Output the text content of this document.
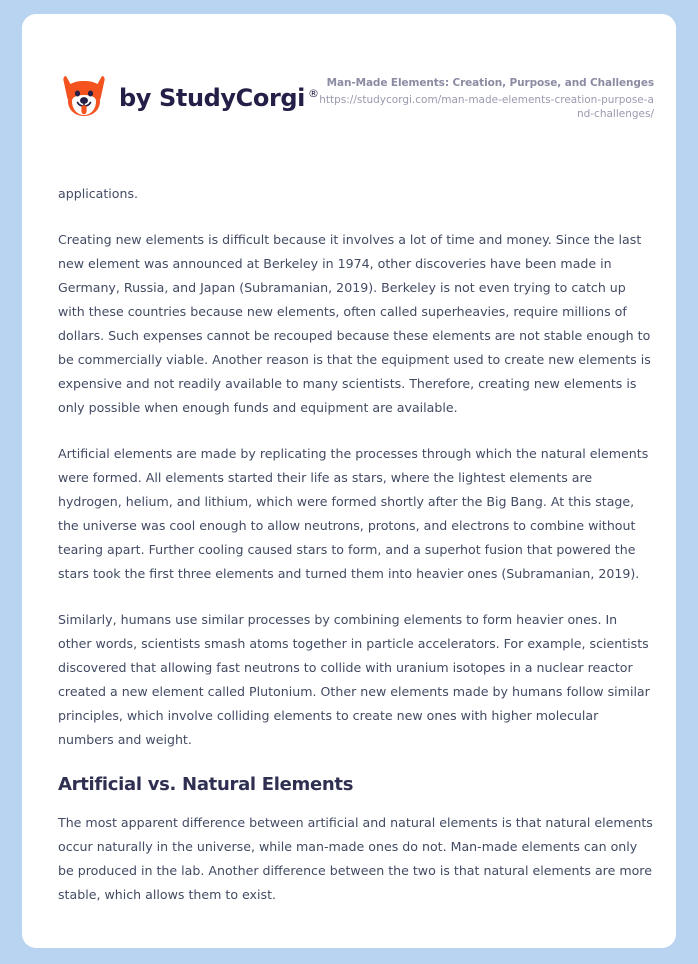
by StudyCorgi ®
Man-Made Elements: Creation, Purpose, and Challenges
https://studycorgi.com/man-made-elements-creation-purpose-and-challenges/

applications.

Creating new elements is difficult because it involves a lot of time and money. Since the last new element was announced at Berkeley in 1974, other discoveries have been made in Germany, Russia, and Japan (Subramanian, 2019). Berkeley is not even trying to catch up with these countries because new elements, often called superheavies, require millions of dollars. Such expenses cannot be recouped because these elements are not stable enough to be commercially viable. Another reason is that the equipment used to create new elements is expensive and not readily available to many scientists. Therefore, creating new elements is only possible when enough funds and equipment are available.

Artificial elements are made by replicating the processes through which the natural elements were formed. All elements started their life as stars, where the lightest elements are hydrogen, helium, and lithium, which were formed shortly after the Big Bang. At this stage, the universe was cool enough to allow neutrons, protons, and electrons to combine without tearing apart. Further cooling caused stars to form, and a superhot fusion that powered the stars took the first three elements and turned them into heavier ones (Subramanian, 2019).

Similarly, humans use similar processes by combining elements to form heavier ones. In other words, scientists smash atoms together in particle accelerators. For example, scientists discovered that allowing fast neutrons to collide with uranium isotopes in a nuclear reactor created a new element called Plutonium. Other new elements made by humans follow similar principles, which involve colliding elements to create new ones with higher molecular numbers and weight.

Artificial vs. Natural Elements

The most apparent difference between artificial and natural elements is that natural elements occur naturally in the universe, while man-made ones do not. Man-made elements can only be produced in the lab. Another difference between the two is that natural elements are more stable, which allows them to exist.
